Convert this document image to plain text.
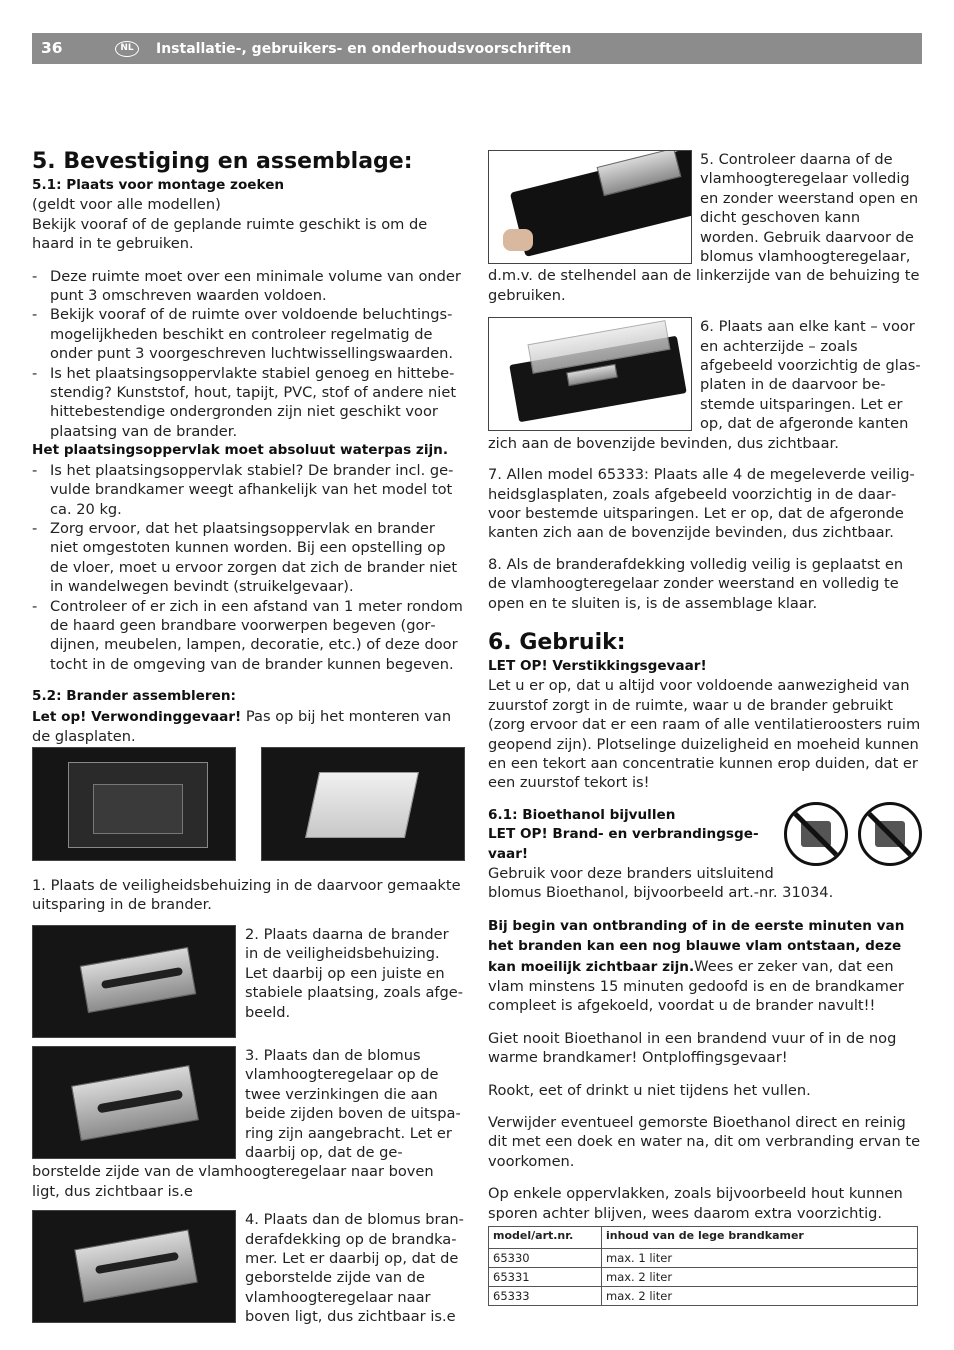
36	NL	Installatie-, gebruikers- en onderhoudsvoorschriften
5. Bevestiging en assemblage:
5.1: Plaats voor montage zoeken

(geldt voor alle modellen)

Bekijk vooraf of de geplande ruimte geschikt is om de haard in te gebruiken.

- Deze ruimte moet over een minimale volume van onder punt 3 omschreven waarden voldoen.
- Bekijk vooraf of de ruimte over voldoende beluchtings-mogelijkheden beschikt en controleer regelmatig de onder punt 3 voorgeschreven luchtwissellingswaarden.
- Is het plaatsingsoppervlakte stabiel genoeg en hittebestendig? Kunststof, hout, tapijt, PVC, stof of andere niet hittebestendige ondergronden zijn niet geschikt voor plaatsing van de brander.
Het plaatsingsoppervlak moet absoluut waterpas zijn.
- Is het plaatsingsoppervlak stabiel? De brander incl. gevulde brandkamer weegt afhankelijk van het model tot ca. 20 kg.
- Zorg ervoor, dat het plaatsingsoppervlak en brander niet omgestoten kunnen worden. Bij een opstelling op de vloer, moet u ervoor zorgen dat zich de brander niet in wandelwegen bevindt (struikelgevaar).
- Controleer of er zich in een afstand van 1 meter rondom de haard geen brandbare voorwerpen begeven (gordijnen, meubelen, lampen, decoratie, etc.) of deze door tocht in de omgeving van de brander kunnen begeven.
5.2: Brander assembleren:

Let op! Verwondinggevaar! Pas op bij het monteren van de glasplaten.

1. Plaats de veiligheidsbehuizing in de daarvoor gemaakte uitsparing in de brander.

2. Plaats daarna de brander in de veiligheidsbehuizing. Let daarbij op een juiste en stabiele plaatsing, zoals afgebeeld.

3. Plaats dan de blomus vlamhoogteregelaar op de twee verzinkingen die aan beide zijden boven de uitsparing zijn aangebracht. Let er daarbij op, dat de geborstelde zijde van de vlamhoogteregelaar naar boven ligt, dus zichtbaar is.e

4. Plaats dan de blomus branderafdekking op de brandkamer. Let er daarbij op, dat de geborstelde zijde van de vlamhoogteregelaar naar boven ligt, dus zichtbaar is.e

5. Controleer daarna of de vlamhoogteregelaar volledig en zonder weerstand open en dicht geschoven kann worden. Gebruik daarvoor de blomus vlamhoogteregelaar, d.m.v. de stelhendel aan de linkerzijde van de behuizing te gebruiken.

6. Plaats aan elke kant – voor en achterzijde – zoals afgebeeld voorzichtig de glasplaten in de daarvoor bestemde uitsparingen. Let er op, dat de afgeronde kanten zich aan de bovenzijde bevinden, dus zichtbaar.

7. Allen model 65333: Plaats alle 4 de megeleverde veiligheidsglasplaten, zoals afgebeeld voorzichtig in de daarvoor bestemde uitsparingen. Let er op, dat de afgeronde kanten zich aan de bovenzijde bevinden, dus zichtbaar.

8. Als de branderafdekking volledig veilig is geplaatst en de vlamhoogteregelaar zonder weerstand en volledig te open en te sluiten is, is de assemblage klaar.

6. Gebruik:
LET OP! Verstikkingsgevaar!

Let u er op, dat u altijd voor voldoende aanwezigheid van zuurstof zorgt in de ruimte, waar u de brander gebruikt (zorg ervoor dat er een raam of alle ventilatieroosters ruim geopend zijn). Plotselinge duizeligheid en moeheid kunnen en een tekort aan concentratie kunnen erop duiden, dat er een zuurstof tekort is!

6.1: Bioethanol bijvullen
LET OP! Brand- en verbrandingsgevaar!

Gebruik voor deze branders uitsluitend blomus Bioethanol, bijvoorbeeld art.-nr. 31034.

Bij begin van ontbranding of in de eerste minuten van het branden kan een nog blauwe vlam ontstaan, deze kan moeilijk zichtbaar zijn.Wees er zeker van, dat een vlam minstens 15 minuten gedoofd is en de brandkamer compleet is afgekoeld, voordat u de brander navult!!

Giet nooit Bioethanol in een brandend vuur of in de nog warme brandkamer! Ontploffingsgevaar!

Rookt, eet of drinkt u niet tijdens het vullen.

Verwijder eventueel gemorste Bioethanol direct en reinig dit met een doek en water na, dit om verbranding ervan te voorkomen.

Op enkele oppervlakken, zoals bijvoorbeeld hout kunnen sporen achter blijven, wees daarom extra voorzichtig.

model/art.nr.	inhoud van de lege brandkamer
65330	max. 1 liter
65331	max. 2 liter
65333	max. 2 liter
